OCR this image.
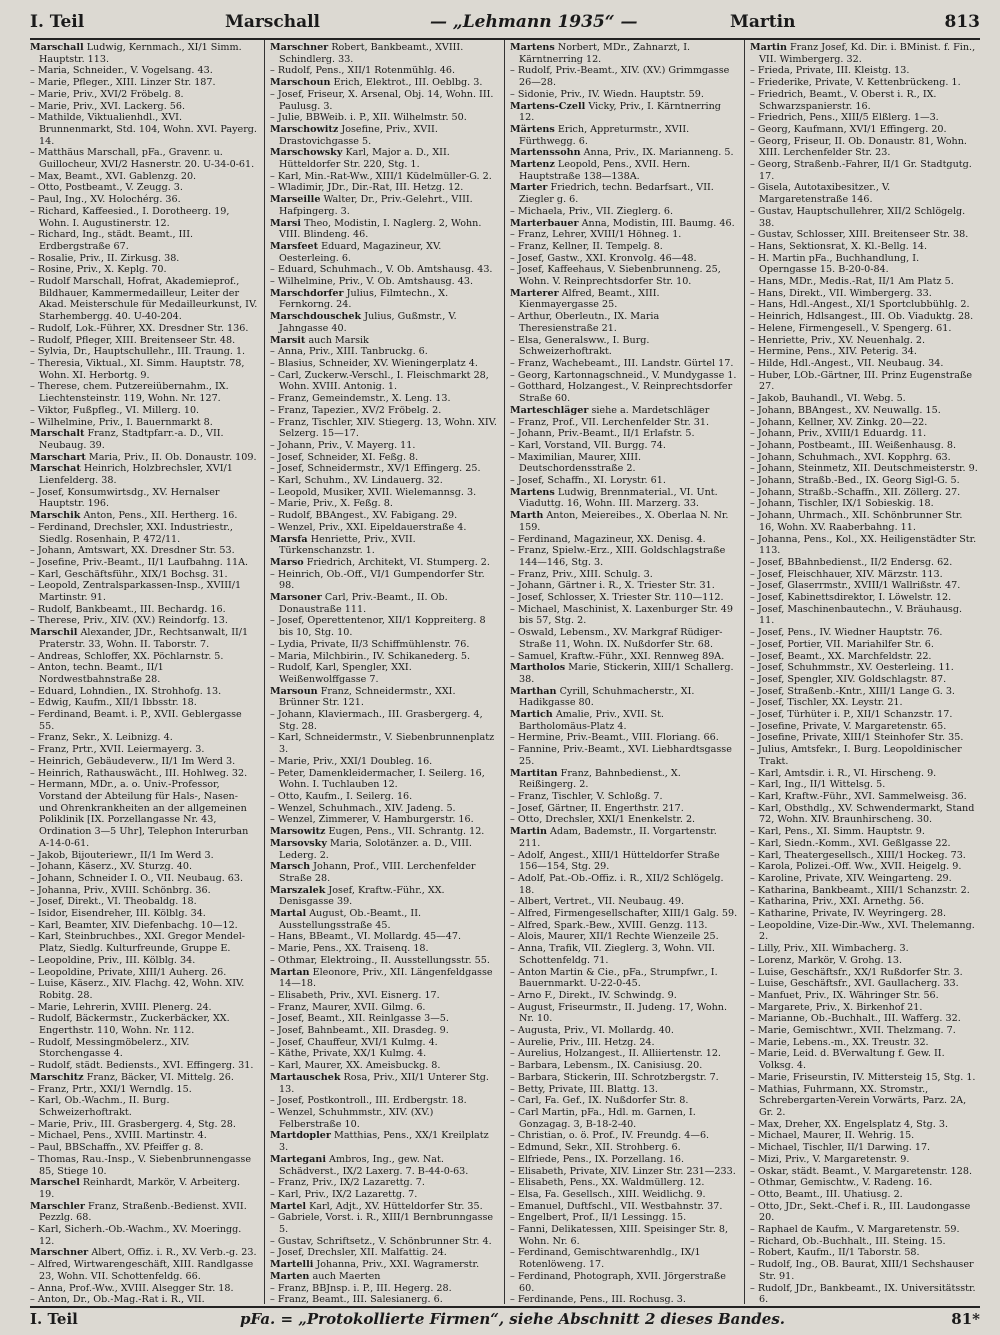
I. Teil	Marschall	— „Lehmann 1935“ —	Martin	813

Marschall Ludwig, Kernmach., XI/1 Simm. Hauptstr. 113.

– Maria, Schneider., V. Vogelsang. 43.

– Marie, Pfleger., XIII. Linzer Str. 187.

– Marie, Priv., XVI/2 Fröbelg. 8.

– Marie, Priv., XVI. Lackerg. 56.

– Mathilde, Viktualienhdl., XVI. Brunnenmarkt, Std. 104, Wohn. XVI. Payerg. 14.

– Matthäus Marschall, pFa., Gravenr. u. Guillocheur, XVI/2 Hasnerstr. 20. U-34-0-61.

– Max, Beamt., XVI. Gablenzg. 20.

– Otto, Postbeamt., V. Zeugg. 3.

– Paul, Ing., XV. Holochérg. 36.

– Richard, Kaffeesied., I. Dorotheerg. 19, Wohn. I. Augustinerstr. 12.

– Richard, Ing., städt. Beamt., III. Erdbergstraße 67.

– Rosalie, Priv., II. Zirkusg. 38.

– Rosine, Priv., X. Keplg. 70.

– Rudolf Marschall, Hofrat, Akademieprof., Bildhauer, Kammermedailleur, Leiter der Akad. Meisterschule für Medailleurkunst, IV. Starhembergg. 40. U-40-204.

– Rudolf, Lok.-Führer, XX. Dresdner Str. 136.

– Rudolf, Pfleger, XIII. Breitenseer Str. 48.

– Sylvia, Dr., Hauptschullehr., III. Traung. 1.

– Theresia, Viktual., XI. Simm. Hauptstr. 78, Wohn. XI. Herbortg. 9.

– Therese, chem. Putzereiübernahm., IX. Liechtensteinstr. 119, Wohn. Nr. 127.

– Viktor, Fußpfleg., VI. Millerg. 10.

– Wilhelmine, Priv., I. Bauernmarkt 8.

Marschalt Franz, Stadtpfarr.-a. D., VII. Neubaug. 39.

Marschart Maria, Priv., II. Ob. Donaustr. 109.

Marschat Heinrich, Holzbrechsler, XVI/1 Lienfelderg. 38.

– Josef, Konsumwirtsdg., XV. Hernalser Hauptstr. 196.

Marschik Anton, Pens., XII. Hertherg. 16.

– Ferdinand, Drechsler, XXI. Industriestr., Siedlg. Rosenhain, P. 472/11.

– Johann, Amtswart, XX. Dresdner Str. 53.

– Josefine, Priv.-Beamt., II/1 Laufbahng. 11A.

– Karl, Geschäftsführ., XIX/1 Bochsg. 31.

– Leopold, Zentralsparkassen-Insp., XVIII/1 Martinstr. 91.

– Rudolf, Bankbeamt., III. Bechardg. 16.

– Therese, Priv., XIV. (XV.) Reindorfg. 13.

Marschil Alexander, JDr., Rechtsanwalt, II/1 Praterstr. 33, Wohn. II. Taborstr. 7.

– Andreas, Schloffer, XX. Pöchlarnstr. 5.

– Anton, techn. Beamt., II/1 Nordwestbahnstraße 28.

– Eduard, Lohndien., IX. Strohhofg. 13.

– Edwig, Kaufm., XII/1 Ibbsstr. 18.

– Ferdinand, Beamt. i. P., XVII. Geblergasse 55.

– Franz, Sekr., X. Leibnizg. 4.

– Franz, Prtr., XVII. Leiermayerg. 3.

– Heinrich, Gebäudeverw., II/1 Im Werd 3.

– Heinrich, Rathauswächt., III. Hohlweg. 32.

– Hermann, MDr., a. o. Univ.-Professor, Vorstand der Abteilung für Hals-, Nasen- und Ohrenkrankheiten an der allgemeinen Poliklinik [IX. Porzellangasse Nr. 43, Ordination 3—5 Uhr], Telephon Interurban A-14-0-61.

– Jakob, Bijouteriewr., II/1 Im Werd 3.

– Johann, Käserz., XV. Sturzg. 40.

– Johann, Schneider I. O., VII. Neubaug. 63.

– Johanna, Priv., XVIII. Schönbrg. 36.

– Josef, Direkt., VI. Theobaldg. 18.

– Isidor, Eisendreher, III. Kölblg. 34.

– Karl, Beamter, XIV. Diefenbachg. 10—12.

– Karl, Steinbruchbes., XXI. Gregor Mendel-Platz, Siedlg. Kulturfreunde, Gruppe E.

– Leopoldine, Priv., III. Kölblg. 34.

– Leopoldine, Private, XIII/1 Auherg. 26.

– Luise, Käserz., XIV. Flachg. 42, Wohn. XIV. Robitg. 28.

– Marie, Lehrerin, XVIII. Plenerg. 24.

– Rudolf, Bäckermstr., Zuckerbäcker, XX. Engerthstr. 110, Wohn. Nr. 112.

– Rudolf, Messingmöbelerz., XIV. Storchengasse 4.

– Rudolf, städt. Bediensts., XVI. Effingerg. 31.

Marschitz Franz, Bäcker, VI. Mittelg. 26.

– Franz, Prtr., XXI/1 Werndlg. 15.

– Karl, Ob.-Wachm., II. Burg. Schweizerhoftrakt.

– Marie, Priv., III. Grasbergerg. 4, Stg. 28.

– Michael, Pens., XVIII. Martinstr. 4.

– Paul, BBSchaffn., XV. Pfeiffer g. 8.

– Thomas, Rau.-Insp., V. Siebenbrunnengasse 85, Stiege 10.

Marschel Reinhardt, Markör, V. Arbeiterg. 19.

Marschler Franz, Straßenb.-Bedienst. XVII. Pezzlg. 68.

– Karl, Sicherh.-Ob.-Wachm., XV. Moeringg. 12.

Marschner Albert, Offiz. i. R., XV. Verb.-g. 23.

– Alfred, Wirtwarengeschäft, XIII. Randlgasse 23, Wohn. VII. Schottenfeldg. 66.

– Anna, Prof.-Ww., XVIII. Alsegger Str. 18.

– Anton, Dr., Ob.-Mag.-Rat i. R., VII.

Marschner Robert, Bankbeamt., XVIII. Schindlerg. 33.

– Rudolf, Pens., XII/1 Rotenmühlg. 46.

Marschoun Erich, Elektrot., III. Oeblbg. 3.

– Josef, Friseur, X. Arsenal, Obj. 14, Wohn. III. Paulusg. 3.

– Julie, BBWeib. i. P., XII. Wilhelmstr. 50.

Marschowitz Josefine, Priv., XVII. Drastovichgasse 5.

Marschowsky Karl, Major a. D., XII. Hütteldorfer Str. 220, Stg. 1.

– Karl, Min.-Rat-Ww., XIII/1 Küdelmüller-G. 2.

– Wladimir, JDr., Dir.-Rat, III. Hetzg. 12.

Marseille Walter, Dr., Priv.-Gelehrt., VIII. Hafpingerg. 3.

Marsi Theo, Modistin, I. Naglerg. 2, Wohn. VIII. Blindeng. 46.

Marsfeet Eduard, Magazineur, XV. Oesterleing. 6.

– Eduard, Schuhmach., V. Ob. Amtshausg. 43.

– Wilhelmine, Priv., V. Ob. Amtshausg. 43.

Marschdorfer Julius, Filmtechn., X. Fernkorng. 24.

Marschdouschek Julius, Gußmstr., V. Jahngasse 40.

Marsit auch Marsik

– Anna, Priv., XIII. Tanbruckg. 6.

– Blasius, Schneider, XV. Wieningerplatz 4.

– Carl, Zuckerw.-Verschl., I. Fleischmarkt 28, Wohn. XVIII. Antonig. 1.

– Franz, Gemeindemstr., X. Leng. 13.

– Franz, Tapezier., XV/2 Fröbelg. 2.

– Franz, Tischler, XIV. Stiegerg. 13, Wohn. XIV. Selzerg. 15—17.

– Johann, Priv., V. Mayerg. 11.

– Josef, Schneider, XI. Feßg. 8.

– Josef, Schneidermstr., XV/1 Effingerg. 25.

– Karl, Schuhm., XV. Lindauerg. 32.

– Leopold, Musiker, XVII. Wielemannsg. 3.

– Marie, Priv., X. Feßg. 8.

– Rudolf, BBAngest., XV. Fabigang. 29.

– Wenzel, Priv., XXI. Eipeldauerstraße 4.

Marsfa Henriette, Priv., XVII. Türkenschanzstr. 1.

Marso Friedrich, Architekt, VI. Stumperg. 2.

– Heinrich, Ob.-Off., VI/1 Gumpendorfer Str. 98.

Marsoner Carl, Priv.-Beamt., II. Ob. Donaustraße 111.

– Josef, Operettentenor, XII/1 Koppreiterg. 8 bis 10, Stg. 10.

– Lydia, Private, II/3 Schiffmühlenstr. 76.

– Maria, Milchbirin., IV. Schikanederg. 5.

– Rudolf, Karl, Spengler, XXI. Weißenwolffgasse 7.

Marsoun Franz, Schneidermstr., XXI. Brünner Str. 121.

– Johann, Klaviermach., III. Grasbergerg. 4, Stg. 28.

– Karl, Schneidermstr., V. Siebenbrunnenplatz 3.

– Marie, Priv., XXI/1 Doubleg. 16.

– Peter, Damenkleidermacher, I. Seilerg. 16, Wohn. I. Tuchlauben 12.

– Otto, Kaufm., I. Seilerg. 16.

– Wenzel, Schuhmach., XIV. Jadeng. 5.

– Wenzel, Zimmerer, V. Hamburgerstr. 16.

Marsowitz Eugen, Pens., VII. Schrantg. 12.

Marsovsky Maria, Solotänzer. a. D., VIII. Lederg. 2.

Marsch Johann, Prof., VIII. Lerchenfelder Straße 28.

Marszalek Josef, Kraftw.-Führ., XX. Denisgasse 39.

Martal August, Ob.-Beamt., II. Ausstellungsstraße 45.

– Hans, BBeamt., VI. Mollardg. 45—47.

– Marie, Pens., XX. Traisenq. 18.

– Othmar, Elektroing., II. Ausstellungsstr. 55.

Martan Eleonore, Priv., XII. Längenfeldgasse 14—18.

– Elisabeth, Priv., XVI. Eisnerg. 17.

– Franz, Maurer, XVII. Gilmg. 6.

– Josef, Beamt., XII. Reinlgasse 3—5.

– Josef, Bahnbeamt., XII. Drasdeg. 9.

– Josef, Chauffeur, XVI/1 Kulmg. 4.

– Käthe, Private, XX/1 Kulmg. 4.

– Karl, Maurer, XX. Ameisbuckg. 8.

Martauschek Rosa, Priv., XII/1 Unterer Stg. 13.

– Josef, Postkontroll., III. Erdbergstr. 18.

– Wenzel, Schuhmmstr., XIV. (XV.) Felberstraße 10.

Martdopler Matthias, Pens., XX/1 Kreilplatz 3.

Martegani Ambros, Ing., gew. Nat. Schädverst., IX/2 Laxerg. 7. B-44-0-63.

– Franz, Priv., IX/2 Lazarettg. 7.

– Karl, Priv., IX/2 Lazarettg. 7.

Martel Karl, Adjt., XV. Hütteldorfer Str. 35.

– Gabriele, Vorst. i. R., XIII/1 Bernbrunngasse 5.

– Gustav, Schriftsetz., V. Schönbrunner Str. 4.

– Josef, Drechsler, XII. Malfattig. 24.

Martelli Johanna, Priv., XXI. Wagramerstr.

Marten auch Maerten

– Franz, BBJnsp. i. P., III. Hegerg. 28.

– Franz, Beamt., III. Salesianerg. 6.

Martens Norbert, MDr., Zahnarzt, I. Kärntnerring 12.

– Rudolf, Priv.-Beamt., XIV. (XV.) Grimmgasse 26—28.

– Sidonie, Priv., IV. Wiedn. Hauptstr. 59.

Martens-Czell Vicky, Priv., I. Kärntnerring 12.

Märtens Erich, Appreturmstr., XVII. Fürthwegg. 6.

Martenssohn Anna, Priv., IX. Marianneng. 5.

Martenz Leopold, Pens., XVII. Hern. Hauptstraße 138—138A.

Marter Friedrich, techn. Bedarfsart., VII. Ziegler g. 6.

– Michaela, Priv., VII. Zieglerg. 6.

Marterbauer Anna, Modistin, III. Baumg. 46.

– Franz, Lehrer, XVIII/1 Höhneg. 1.

– Franz, Kellner, II. Tempelg. 8.

– Josef, Gastw., XXI. Kronvolg. 46—48.

– Josef, Kaffeehaus, V. Siebenbrunneng. 25, Wohn. V. Reinprechtsdorfer Str. 10.

Marterer Alfred, Beamt., XIII. Kienmayergasse 25.

– Arthur, Oberleutn., IX. Maria Theresienstraße 21.

– Elsa, Generalsww., I. Burg. Schweizerhoftrakt.

– Franz, Wachebeamt., III. Landstr. Gürtel 17.

– Georg, Kartonnagschneid., V. Mundygasse 1.

– Gotthard, Holzangest., V. Reinprechtsdorfer Straße 60.

Marteschläger siehe a. Mardetschläger

– Franz, Prof., VII. Lerchenfelder Str. 31.

– Johann, Priv.-Beamt., II/1 Erlafstr. 5.

– Karl, Vorstand, VII. Burgg. 74.

– Maximilian, Maurer, XIII. Deutschordensstraße 2.

– Josef, Schaffn., XI. Lorystr. 61.

Martens Ludwig, Brennmaterial., VI. Unt. Viaduttg. 16, Wohn. III. Marzerg. 33.

Marth Anton, Meiereibes., X. Oberlaa N. Nr. 159.

– Ferdinand, Magazineur, XX. Denisg. 4.

– Franz, Spielw.-Erz., XIII. Goldschlagstraße 144—146, Stg. 3.

– Franz, Priv., XIII. Schulg. 3.

– Johann, Gärtner i. R., X. Triester Str. 31.

– Josef, Schlosser, X. Triester Str. 110—112.

– Michael, Maschinist, X. Laxenburger Str. 49 bis 57, Stg. 2.

– Oswald, Lebensm., XV. Markgraf Rüdiger-Straße 11, Wohn. IX. Nußdorfer Str. 68.

– Samuel, Kraftw.-Führ., XXI. Rennweg 89A.

Martholos Marie, Stickerin, XIII/1 Schallerg. 38.

Marthan Cyrill, Schuhmacherstr., XI. Hadikgasse 80.

Martich Amalie, Priv., XVII. St. Bartholomäus-Platz 4.

– Hermine, Priv.-Beamt., VIII. Floriang. 66.

– Fannine, Priv.-Beamt., XVI. Liebhardtsgasse 25.

Martitan Franz, Bahnbedienst., X. Reißingerg. 2.

– Franz, Tischler, V. Schloßg. 7.

– Josef, Gärtner, II. Engerthstr. 217.

– Otto, Drechsler, XXI/1 Enenkelstr. 2.

Martin Adam, Bademstr., II. Vorgartenstr. 211.

– Adolf, Angest., XIII/1 Hütteldorfer Straße 156—154, Stg. 29.

– Adolf, Pat.-Ob.-Offiz. i. R., XII/2 Schlögelg. 18.

– Albert, Vertret., VII. Neubaug. 49.

– Alfred, Firmengesellschafter, XIII/1 Galg. 59.

– Alfred, Spark.-Bew., XVIII. Genzg. 113.

– Alois, Maurer, XII/1 Rechte Wienzeile 25.

– Anna, Trafik, VII. Zieglerg. 3, Wohn. VII. Schottenfeldg. 71.

– Anton Martin & Cie., pFa., Strumpfwr., I. Bauernmarkt. U-22-0-45.

– Arno F., Direkt., IV. Schwindg. 9.

– August, Friseurmstr., II. Judeng. 17, Wohn. Nr. 10.

– Augusta, Priv., VI. Mollardg. 40.

– Aurelie, Priv., III. Hetzg. 24.

– Aurelius, Holzangest., II. Alliiertenstr. 12.

– Barbara, Lebensm., IX. Canisiusg. 20.

– Barbara, Stickerin, III. Schrotzbergstr. 7.

– Betty, Private, III. Blattg. 13.

– Carl, Fa. Gef., IX. Nußdorfer Str. 8.

– Carl Martin, pFa., Hdl. m. Garnen, I. Gonzagag. 3, B-18-2-40.

– Christian, o. ö. Prof., IV. Freundg. 4—6.

– Edmund, Sekr., XII. Strohberg. 6.

– Elfriede, Pens., IX. Porzellang. 16.

– Elisabeth, Private, XIV. Linzer Str. 231—233.

– Elisabeth, Pens., XX. Waldmüllerg. 12.

– Elsa, Fa. Gesellsch., XIII. Weidlichg. 9.

– Emanuel, Duftfschl., VII. Westbahnstr. 37.

– Engelbert, Prof., II/1 Lessingg. 15.

– Fanni, Delikatessen, XIII. Speisinger Str. 8, Wohn. Nr. 6.

– Ferdinand, Gemischtwarenhdlg., IX/1 Rotenlöweng. 17.

– Ferdinand, Photograph, XVII. Jörgerstraße 60.

– Ferdinande, Pens., III. Rochusg. 3.

Martin Franz Josef, Kd. Dir. i. BMinist. f. Fin., VII. Wimbergerg. 32.

– Frieda, Private, III. Kleistg. 13.

– Friederike, Private, V. Kettenbrückeng. 1.

– Friedrich, Beamt., V. Oberst i. R., IX. Schwarzspanierstr. 16.

– Friedrich, Pens., XIII/5 Elßlerg. 1—3.

– Georg, Kaufmann, XVI/1 Effingerg. 20.

– Georg, Friseur, II. Ob. Donaustr. 81, Wohn. XIII. Lerchenfelder Str. 23.

– Georg, Straßenb.-Fahrer, II/1 Gr. Stadtgutg. 17.

– Gisela, Autotaxibesitzer., V. Margaretenstraße 146.

– Gustav, Hauptschullehrer, XII/2 Schlögelg. 38.

– Gustav, Schlosser, XIII. Breitenseer Str. 38.

– Hans, Sektionsrat, X. Kl.-Bellg. 14.

– H. Martin pFa., Buchhandlung, I. Operngasse 15. B-20-0-84.

– Hans, MDr., Medis.-Rat, II/1 Am Platz 5.

– Hans, Direkt., VII. Wimbergerg. 33.

– Hans, Hdl.-Angest., XI/1 Sportclubbühlg. 2.

– Heinrich, Hdlsangest., III. Ob. Viaduktg. 28.

– Helene, Firmengesell., V. Spengerg. 61.

– Henriette, Priv., XV. Neuenhalg. 2.

– Hermine, Pens., XIV. Peterig. 34.

– Hilde, Hdl.-Angest., VII. Neubaug. 34.

– Huber, LOb.-Gärtner, III. Prinz Eugenstraße 27.

– Jakob, Bauhandl., VI. Webg. 5.

– Johann, BBAngest., XV. Neuwallg. 15.

– Johann, Kellner, XV. Zinkg. 20—22.

– Johann, Priv., XVIII/1 Eduardg. 11.

– Johann, Postbeamt., III. Weißenhausg. 8.

– Johann, Schuhmach., XVI. Kopphrg. 63.

– Johann, Steinmetz, XII. Deutschmeisterstr. 9.

– Johann, Straßb.-Bed., IX. Georg Sigl-G. 5.

– Johann, Straßb.-Schaffn., XII. Zöllerg. 27.

– Johann, Tischler, IX/1 Sobieskig. 18.

– Johann, Uhrmach., XII. Schönbrunner Str. 16, Wohn. XV. Raaberbahng. 11.

– Johanna, Pens., Kol., XX. Heiligenstädter Str. 113.

– Josef, BBahnbedienst., II/2 Endersg. 62.

– Josef, Fleischhauer, XIV. Märzstr. 113.

– Josef, Glaserrmstr., XVIII/1 Wallrißstr. 47.

– Josef, Kabinettsdirektor, I. Löwelstr. 12.

– Josef, Maschinenbautechn., V. Bräuhausg. 11.

– Josef, Pens., IV. Wiedner Hauptstr. 76.

– Josef, Portier, VII. Mariahilfer Str. 6.

– Josef, Beamt., XX. Marchfeldstr. 22.

– Josef, Schuhmmstr., XV. Oesterleing. 11.

– Josef, Spengler, XIV. Goldschlagstr. 87.

– Josef, Straßenb.-Kntr., XIII/1 Lange G. 3.

– Josef, Tischler, XX. Leystr. 21.

– Josef, Türhüter i. P., XII/1 Schanzstr. 17.

– Josefine, Private, V. Margaretenstr. 65.

– Josefine, Private, XIII/1 Steinhofer Str. 35.

– Julius, Amtsfekr., I. Burg. Leopoldinischer Trakt.

– Karl, Amtsdir. i. R., VI. Hirscheng. 9.

– Karl, Ing., II/1 Wittelsg. 5.

– Karl, Kraftw.-Führ., XVI. Sammelweisg. 36.

– Karl, Obsthdlg., XV. Schwendermarkt, Stand 72, Wohn. XIV. Braunhirscheng. 30.

– Karl, Pens., XI. Simm. Hauptstr. 9.

– Karl, Siedn.-Komm., XVI. Geßlgasse 22.

– Karl, Theatergesellsch., XIII/1 Hockeg. 73.

– Karola, Polizei.-Off. Ww., XVII. Heigelg. 9.

– Karoline, Private, XIV. Weingarteng. 29.

– Katharina, Bankbeamt., XIII/1 Schanzstr. 2.

– Katharina, Priv., XXI. Arnethg. 56.

– Katharine, Private, IV. Weyringerg. 28.

– Leopoldine, Vize-Dir.-Ww., XVI. Thelemanng. 2.

– Lilly, Priv., XII. Wimbacherg. 3.

– Lorenz, Markör, V. Grohg. 13.

– Luise, Geschäftsfr., XX/1 Rußdorfer Str. 3.

– Luise, Geschäftsfr., XVI. Gaullacherg. 33.

– Manfuet, Priv., IX. Währinger Str. 56.

– Margarete, Priv., X. Birkenhof 21.

– Marianne, Ob.-Buchhalt., III. Wafferg. 32.

– Marie, Gemischtwr., XVII. Thelzmang. 7.

– Marie, Lebens.-m., XX. Treustr. 32.

– Marie, Leid. d. BVerwaltung f. Gew. II. Volksg. 4.

– Marie, Friseurstin, IV. Mittersteig 15, Stg. 1.

– Mathias, Fuhrmann, XX. Stromstr., Schrebergarten-Verein Vorwärts, Parz. 2A, Gr. 2.

– Max, Dreher, XX. Engelsplatz 4, Stg. 3.

– Michael, Maurer, II. Wehrig. 15.

– Michael, Tischler, II/1 Darwing. 17.

– Mizi, Priv., V. Margaretenstr. 9.

– Oskar, städt. Beamt., V. Margaretenstr. 128.

– Othmar, Gemischtw., V. Radeng. 16.

– Otto, Beamt., III. Uhatiusg. 2.

– Otto, JDr., Sekt.-Chef i. R., III. Laudongasse 20.

– Raphael de Kaufm., V. Margaretenstr. 59.

– Richard, Ob.-Buchhalt., III. Steing. 15.

– Robert, Kaufm., II/1 Taborstr. 58.

– Rudolf, Ing., OB. Baurat, XIII/1 Sechshauser Str. 91.

– Rudolf, JDr., Bankbeamt., IX. Universitätsstr. 6.

I. Teil	pFa. = „Protokollierte Firmen“, siehe Abschnitt 2 dieses Bandes.	81*
